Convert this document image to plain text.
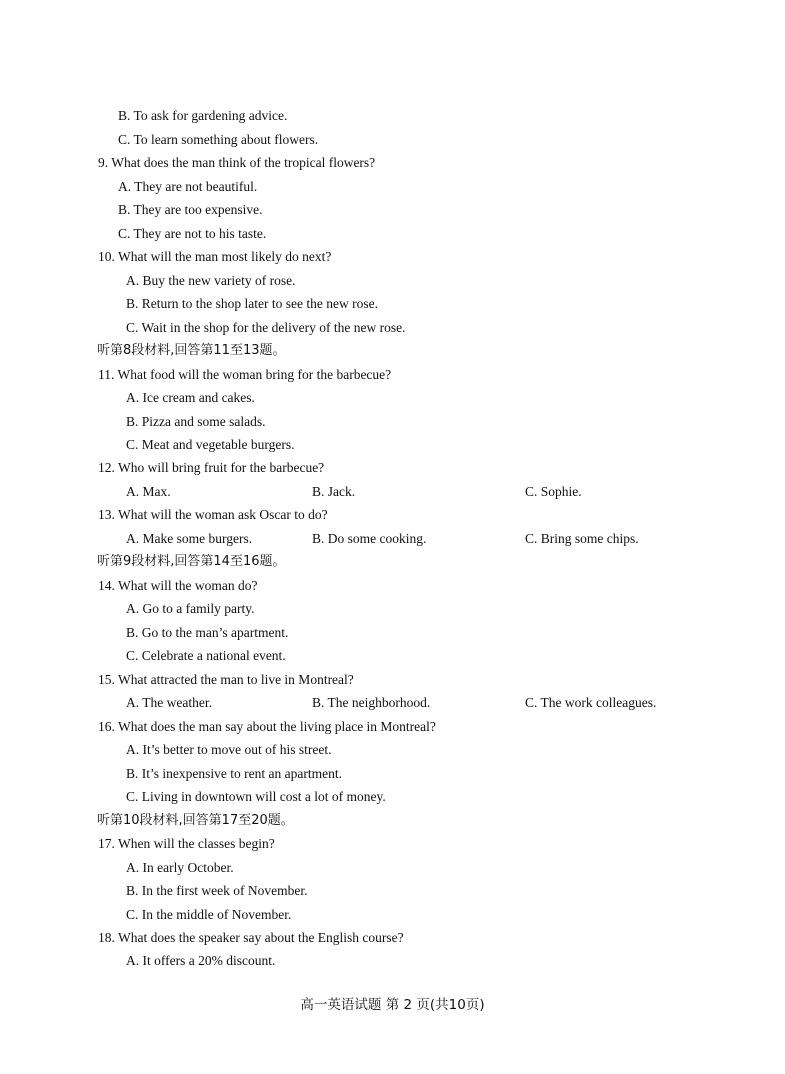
B. To ask for gardening advice.
C. To learn something about flowers.
9. What does the man think of the tropical flowers?
A. They are not beautiful.
B. They are too expensive.
C. They are not to his taste.
10. What will the man most likely do next?
A. Buy the new variety of rose.
B. Return to the shop later to see the new rose.
C. Wait in the shop for the delivery of the new rose.
听第8段材料,回答第11至13题。
11. What food will the woman bring for the barbecue?
A. Ice cream and cakes.
B. Pizza and some salads.
C. Meat and vegetable burgers.
12. Who will bring fruit for the barbecue?
A. Max.	B. Jack.	C. Sophie.
13. What will the woman ask Oscar to do?
A. Make some burgers.	B. Do some cooking.	C. Bring some chips.
听第9段材料,回答第14至16题。
14. What will the woman do?
A. Go to a family party.
B. Go to the man’s apartment.
C. Celebrate a national event.
15. What attracted the man to live in Montreal?
A. The weather.	B. The neighborhood.	C. The work colleagues.
16. What does the man say about the living place in Montreal?
A. It’s better to move out of his street.
B. It’s inexpensive to rent an apartment.
C. Living in downtown will cost a lot of money.
听第10段材料,回答第17至20题。
17. When will the classes begin?
A. In early October.
B. In the first week of November.
C. In the middle of November.
18. What does the speaker say about the English course?
A. It offers a 20% discount.
高一英语试题 第 2 页(共10页)
